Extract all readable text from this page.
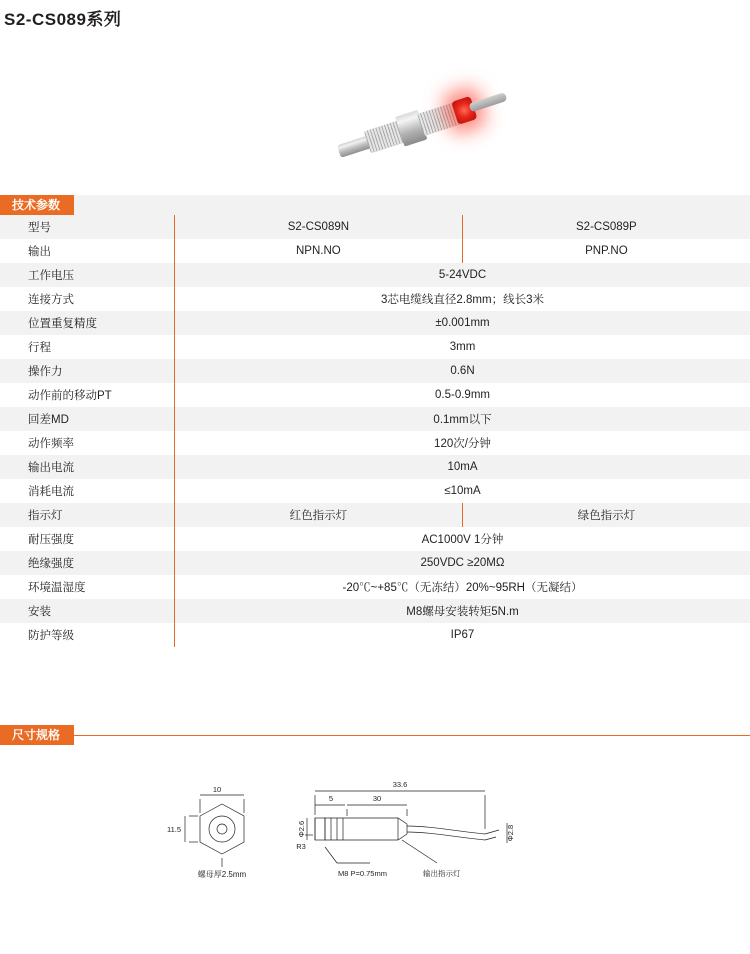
S2-CS089系列
技术参数
型号	S2-CS089N	S2-CS089P
输出	NPN.NO	PNP.NO
工作电压	5-24VDC	
连接方式	3芯电缆线直径2.8mm；线长3米	
位置重复精度	±0.001mm	
行程	3mm	
操作力	0.6N	
动作前的移动PT	0.5-0.9mm	
回差MD	0.1mm以下	
动作频率	120次/分钟	
输出电流	10mA	
消耗电流	≤10mA	
指示灯	红色指示灯	绿色指示灯
耐压强度	AC1000V 1分钟	
绝缘强度	250VDC ≥20MΩ	
环境温湿度	-20℃~+85℃（无冻结）20%~95RH（无凝结）	
安装	M8螺母安装转矩5N.m	
防护等级	IP67	
尺寸规格
10
11.5
螺母厚2.5mm
33.6
30
5
Φ2.6	Φ2.8
R3
M8 P=0.75mm	输出指示灯
